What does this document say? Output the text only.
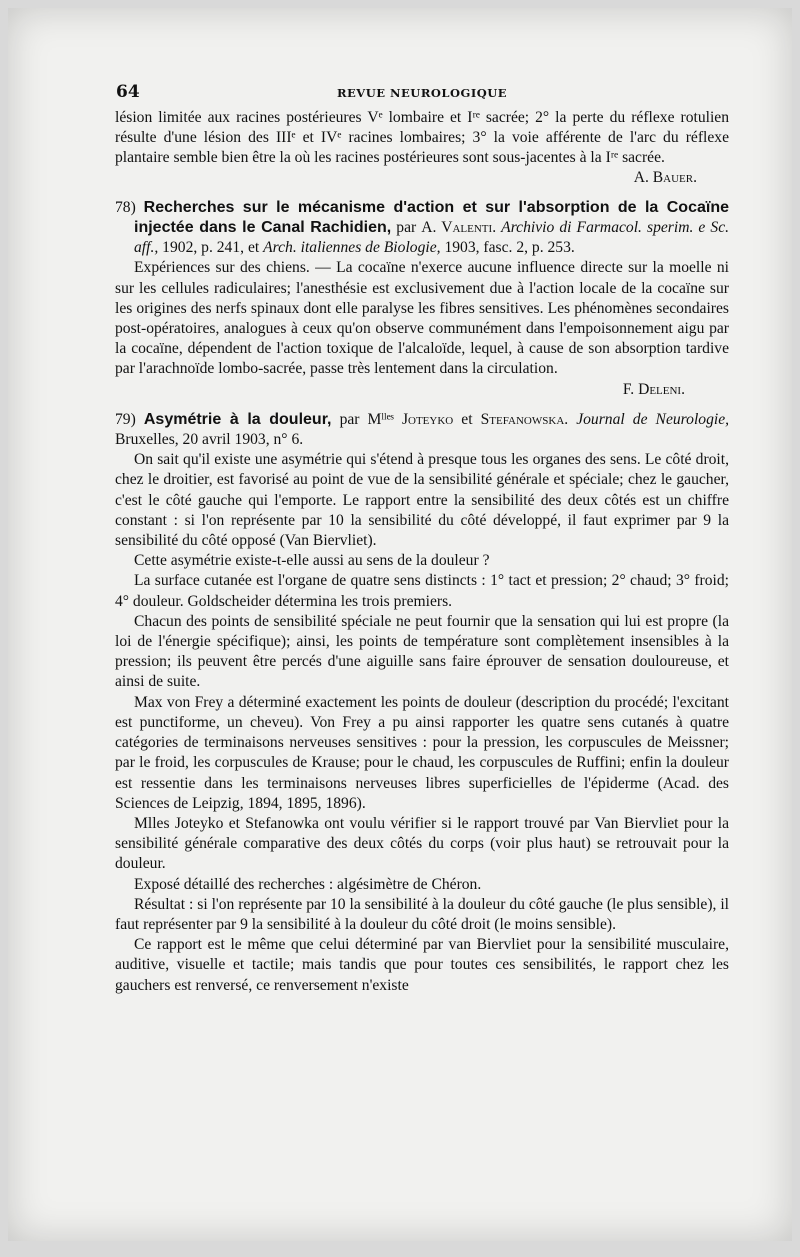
64	REVUE NEUROLOGIQUE

lésion limitée aux racines postérieures Vᵉ lombaire et Iʳᵉ sacrée; 2° la perte du réflexe rotulien résulte d'une lésion des IIIᵉ et IVᵉ racines lombaires; 3° la voie afférente de l'arc du réflexe plantaire semble bien être la où les racines postérieures sont sous-jacentes à la Iʳᵉ sacrée.

A. Bauer.

78) Recherches sur le mécanisme d'action et sur l'absorption de la Cocaïne injectée dans le Canal Rachidien, par A. Valenti. Archivio di Farmacol. sperim. e Sc. aff., 1902, p. 241, et Arch. italiennes de Biologie, 1903, fasc. 2, p. 253.

Expériences sur des chiens. — La cocaïne n'exerce aucune influence directe sur la moelle ni sur les cellules radiculaires; l'anesthésie est exclusivement due à l'action locale de la cocaïne sur les origines des nerfs spinaux dont elle paralyse les fibres sensitives. Les phénomènes secondaires post-opératoires, analogues à ceux qu'on observe communément dans l'empoisonnement aigu par la cocaïne, dépendent de l'action toxique de l'alcaloïde, lequel, à cause de son absorption tardive par l'arachnoïde lombo-sacrée, passe très lentement dans la circulation.

F. Deleni.

79) Asymétrie à la douleur, par Mˡˡᵉˢ Joteyko et Stefanowska. Journal de Neurologie, Bruxelles, 20 avril 1903, n° 6.

On sait qu'il existe une asymétrie qui s'étend à presque tous les organes des sens. Le côté droit, chez le droitier, est favorisé au point de vue de la sensibilité générale et spéciale; chez le gaucher, c'est le côté gauche qui l'emporte. Le rapport entre la sensibilité des deux côtés est un chiffre constant : si l'on représente par 10 la sensibilité du côté développé, il faut exprimer par 9 la sensibilité du côté opposé (Van Biervliet).

Cette asymétrie existe-t-elle aussi au sens de la douleur ?

La surface cutanée est l'organe de quatre sens distincts : 1° tact et pression; 2° chaud; 3° froid; 4° douleur. Goldscheider détermina les trois premiers.

Chacun des points de sensibilité spéciale ne peut fournir que la sensation qui lui est propre (la loi de l'énergie spécifique); ainsi, les points de température sont complètement insensibles à la pression; ils peuvent être percés d'une aiguille sans faire éprouver de sensation douloureuse, et ainsi de suite.

Max von Frey a déterminé exactement les points de douleur (description du procédé; l'excitant est punctiforme, un cheveu). Von Frey a pu ainsi rapporter les quatre sens cutanés à quatre catégories de terminaisons nerveuses sensitives : pour la pression, les corpuscules de Meissner; par le froid, les corpuscules de Krause; pour le chaud, les corpuscules de Ruffini; enfin la douleur est ressentie dans les terminaisons nerveuses libres superficielles de l'épiderme (Acad. des Sciences de Leipzig, 1894, 1895, 1896).

Mlles Joteyko et Stefanowka ont voulu vérifier si le rapport trouvé par Van Biervliet pour la sensibilité générale comparative des deux côtés du corps (voir plus haut) se retrouvait pour la douleur.

Exposé détaillé des recherches : algésimètre de Chéron.

Résultat : si l'on représente par 10 la sensibilité à la douleur du côté gauche (le plus sensible), il faut représenter par 9 la sensibilité à la douleur du côté droit (le moins sensible).

Ce rapport est le même que celui déterminé par van Biervliet pour la sensibilité musculaire, auditive, visuelle et tactile; mais tandis que pour toutes ces sensibilités, le rapport chez les gauchers est renversé, ce renversement n'existe
